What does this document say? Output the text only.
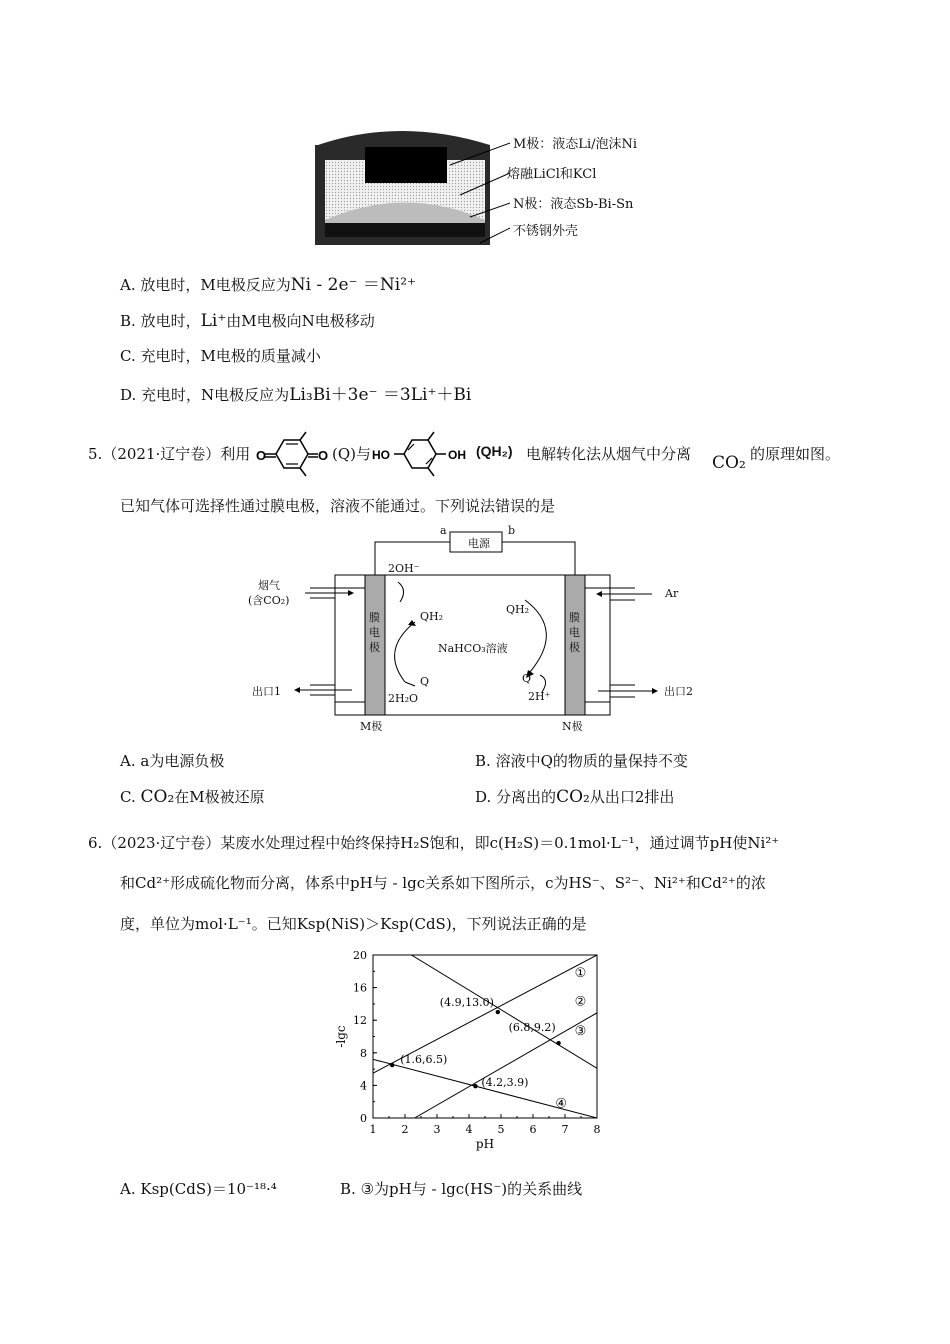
M极：液态Li/泡沫Ni
熔融LiCl和KCl
N极：液态Sb-Bi-Sn
不锈钢外壳
A. 放电时，M电极反应为Ni - 2e⁻ ＝Ni²⁺
B. 放电时，Li⁺由M电极向N电极移动
C. 充电时，M电极的质量减小
D. 充电时，N电极反应为Li₃Bi＋3e⁻ ＝3Li⁺＋Bi
5.（2021·辽宁卷）利用 O	O (Q)与 HO	OH (QH₂) 电解转化法从烟气中分离 CO₂ 的原理如图。
已知气体可选择性通过膜电极，溶液不能通过。下列说法错误的是
电源
a	b
烟气
(含CO₂)
Ar
出口1	出口2
膜电极
膜电极
M极	N极
2OH⁻
QH₂
Q
2H₂O
NaHCO₃溶液
QH₂
Q
2H⁺
A. a为电源负极	B. 溶液中Q的物质的量保持不变
C. CO₂在M极被还原	D. 分离出的CO₂从出口2排出
6.（2023·辽宁卷）某废水处理过程中始终保持H₂S饱和，即c(H₂S)＝0.1mol·L⁻¹，通过调节pH使Ni²⁺
和Cd²⁺形成硫化物而分离，体系中pH与 - lgc关系如下图所示，c为HS⁻、S²⁻、Ni²⁺和Cd²⁺的浓
度，单位为mol·L⁻¹。已知Ksp(NiS)＞Ksp(CdS)，下列说法正确的是
1 2 3 4 5 6 7 8
0
4
8
12
16
20
pH
-lgc
①
②
③
④
(4.9,13.0)
(6.8,9.2)
(1.6,6.5)
(4.2,3.9)
A. Ksp(CdS)＝10⁻¹⁸·⁴	B. ③为pH与 - lgc(HS⁻)的关系曲线
